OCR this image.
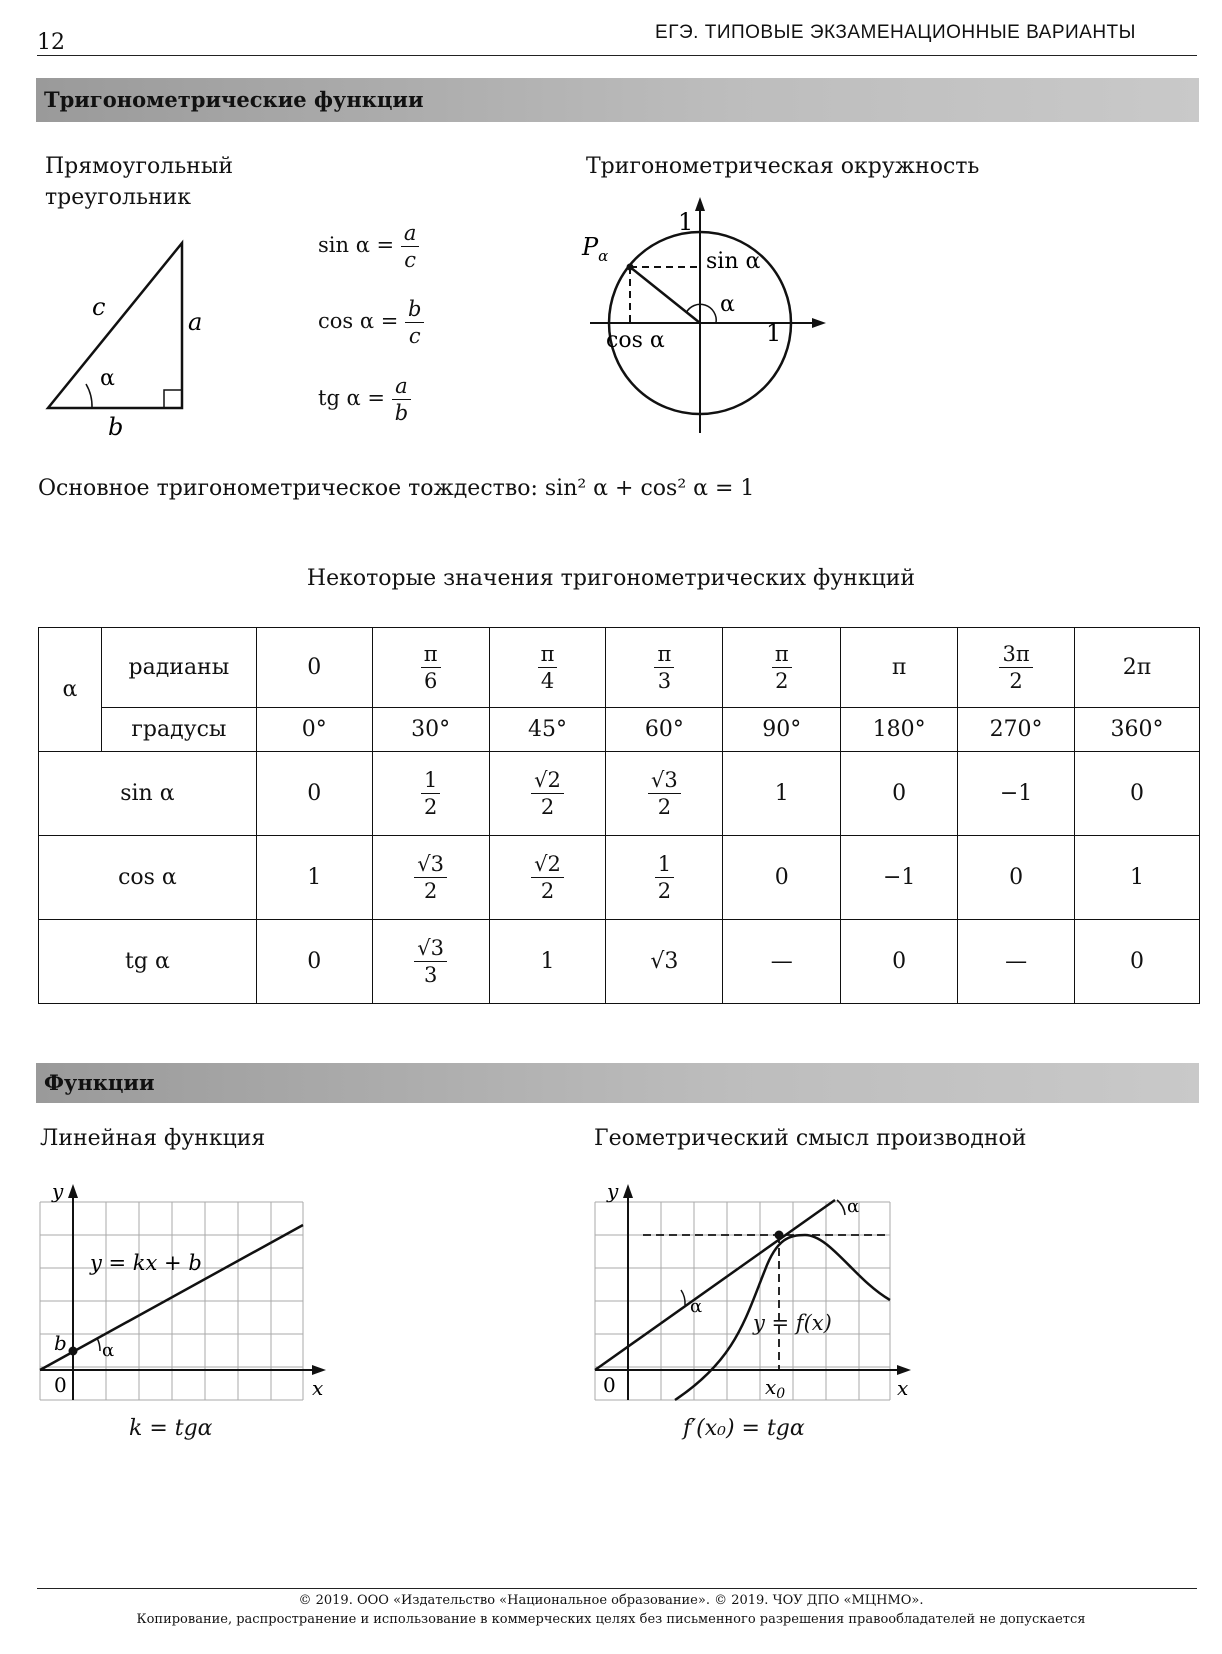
12	ЕГЭ. ТИПОВЫЕ ЭКЗАМЕНАЦИОННЫЕ ВАРИАНТЫ
Тригонометрические функции
Прямоугольный
треугольник
c
a
b
α
$\sin \alpha = \frac{a}{c}$
$\cos \alpha = \frac{b}{c}$
tg $\alpha = \frac{a}{b}$
Тригонометрическая окружность
$P_\alpha$
1
1
sin α
cos α
α
Основное тригонометрическое тождество: sin² α + cos² α = 1
Некоторые значения тригонометрических функций
α	радианы	0	$\frac{\pi}{6}$	$\frac{\pi}{4}$	$\frac{\pi}{3}$	$\frac{\pi}{2}$	π	$\frac{3\pi}{2}$	2π
	градусы	0°	30°	45°	60°	90°	180°	270°	360°
sin α		0	$\frac{1}{2}$	$\frac{√2}{2}$	$\frac{√3}{2}$	1	0	−1	0
cos α		1	$\frac{√3}{2}$	$\frac{√2}{2}$	$\frac{1}{2}$	0	−1	0	1
tg α		0	$\frac{√3}{3}$	1	√3	—	0	—	0
Функции
Линейная функция
y
x
0
b α
y = kx + b
k = tgα
Геометрический смысл производной
y
x
0	$x_0$
α
α
y = f(x)
f′(x₀) = tgα
© 2019. ООО «Издательство «Национальное образование». © 2019. ЧОУ ДПО «МЦНМО».
Копирование, распространение и использование в коммерческих целях без письменного разрешения правообладателей не допускается
